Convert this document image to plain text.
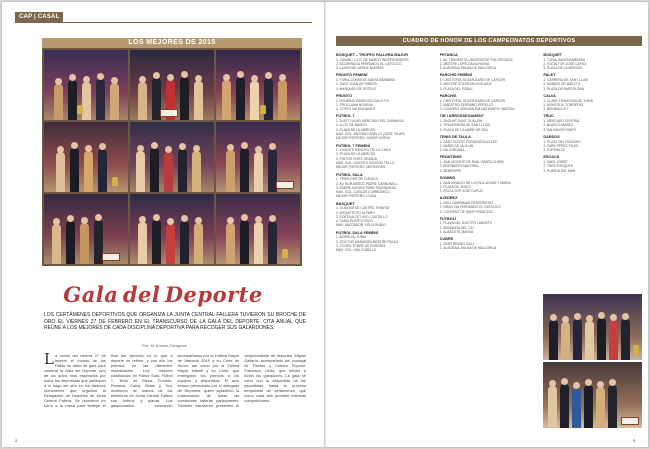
CAP | CASAL
LOS MEJORES DE 2015
Gala del Deporte
LOS CERTÁMENES DEPORTIVOS QUE ORGANIZA LA JUNTA CENTRAL FALLERA TUVIERON SU BROCHE DE ORO EL VIERNES 27 DE FEBRERO EN EL TRANSCURSO DE LA GALA DEL DEPORTE. CITA ANUAL QUE REÚNE A LOS MEJORES DE CADA DISCIPLINA DEPORTIVA PARA RECOGER SUS GALARDONES.
Por: M. Andrés Zaragoza
La noche del viernes 27 de febrero el mundo de las Fallas se vistió de gala para celebrar la Gala del Deporte, uno de los actos más esperados por todos los deportistas que participan a lo largo del año en los distintos certámenes que organiza la Delegación de Deportes de Junta Central Fallera. Se reunieron en torno a la mesa para festejar el final del ejercicio en lo que a deporte se refiere, y con ello los premios en las diferentes modalidades. Los mejores clasificados en Fútbol Sala, Fútbol 7, Tenis de Mesa, Frontón, Petanca, Calva, Birlas y Truc recibieron de manos de los miembros de Junta Central Fallera sus trofeos y placas. Los galardonados estuvieron acompañados por la Fallera Mayor de Valencia 2015 y su Corte de Honor, así como por la Fallera Mayor Infantil y su Corte, que entregaron los premios a los equipos y deportistas. El acto estuvo presentado por el delegado de Deportes, quien agradeció la colaboración de todas las comisiones falleras participantes. También estuvieron presentes el vicepresidente de deportes, Miguel Gallarín, acompañado del concejal de Fiestas y Cultura Popular, Francisco Lledó, que felicitó a todos los ganadores. La gala se cerró con la despedida de los deportistas hasta la próxima temporada de certámenes, que como cada año promete intensas competiciones.
2
CUADRO DE HONOR DE LOS CAMPEONATOS DEPORTIVOS
BOSQUET – TROFEO FALLERA MAJOR
1. CAMINO LLOC DE MARCO INDEPENDIENTE
2. AZCÁRRAGA FERRANDO EL CATÓLICO
3. LA BOGUE-VERDE BORRÁS
FRONTÓ FEMENÍ
1. TURIA-CONVENT-SANTA BÀRBARA
2. SANT JOAN DE RIBERA
3. MARQUÉS DE SOTELO
FRONTÓ
1. GENERAL BARROSO-CALIXT III
2. PROCLAMA NOVENA
3. CORTS VALENCIANES
FÚTBOL 7
1. JUSTO VILAR-MERCADO DEL CABANYAL
2. LLOC DE MARCÓ
3. PLAZA DE LA MERCED
MAX. GOL: ANTONIO ARELLO (JUST. VILAR)
MEJOR PORTERO: JAVIER JORDÁ
FÚTBOL 7 FEMENÍ
1. VICENTE SANCHO TELLO-CHILE
2. PLAZA DE LA MERCED
3. PINTOR VIVES GRANJA
MAX. GOL: VICENTE SANCHO TELLO
MEJOR PORTERO: MERCEDES
FÚTBOL SALA
1. TIRES-PINTOR CUENCA
2. AV. BURJASSOT-PADRE CARBONELL
3. PADRE ALEGRE-PARE FRANQUESA
MAX. GOL: CARLOS (CARBONELL)
MEJOR PORTERO: LUCÍA
BÀSQUET
1. GUILLEM DE CASTRO-TRINITAT
2. ARQUITECTO ALFARO
3. POETA ALTET-AVD. CASTELLÓ
4. CUBA-PUERTO RICO
MAX. ANOTADOR: FÉLIX RUBIO
FÚTBOL SALA FEMENÍ
1. BORRULL-TURIA
2. DOCTOR MARAÑÓN-MESTRE PALAU
3. COVES-TORRE DE RUSSAFA
MAX. GOL: ANA CUBELLS
PETANCA
1. AV. TRANSSITS-UNIVERSITAT POLITÈCNICA
2. MESTRE LOPE-CAIXA RURAL
3. ALBORAIA-PALMA DE MALLORCA
PARCHÍS FEMENÍ
1. CRISTÒFOL SOLER-BARÓ DE CÀRCER
2. MESTRE SOLER-MOLINO BAIX
3. PLAZA DEL POBLE
PARCHÍS
1. CRISTÒFOL SOLER-BARÓ DE CÀRCER
2. MAESTRO SERRANO-PERELLÓ
3. CONVENT JERUSALEM-MATEMÀTIC MARZAL
TIR I ARROSSEGAMENT
1. SAGUNT-SANT GUILLEM
2. TRAVESSERA DE SANT LLUÍS
3. PLAÇA DE LA MARE DE DÉU
TENIS DE TAULA
1. SANT VICENT-PERIODISTA AZZATI
2. BARRI DE LA LLUM
3. NA JORDANA
FRONTENIS
1. SAN VICENTE DE PAÚL-SANTA CLARA
2. ARZOBISPO MAYORAL
3. BENIFERRI
DOMINÓ
1. SAN IGNACIO DE LOYOLA-JESÚS Y MARÍA
2. PLAZA DE JESÚS
3. ESCULTOR JOSÉ CAPUZ
AJEDREZ
1. NOU CAMPANAR-FRATERNITAT
2. GRAN VIA FERNANDO EL CATÓLICO
3. CONVENT DE SANT FRANCESC
FUTBOLÍ
1. PLAZA DEL DOCTOR LANDETE
2. AVINGUDA DEL CID
3. ALBACETE-MARVÀ
CUBRE
1. SANT BRUNO-GALL
2. ALBORAIA-PALMA DE MALLORCA
BOSQUET
1. TURIA-SANTA BÀRBARA
2. ESCULTOR JOSÉ CAPUZ
3. PLAZA DE LA MERCED
PALET
1. CARRERA DE SANT LLUÍS
2. RAMIRO DE MAEZTU
3. PLAZA DE BARCELONA
CALVA
1. CLAVÉ-TRAVESSIA DE TUNIS
2. MONTOLIU-TORREFIEL
3. BENIMACLET
TRUC
1. MERCADO CENTRAL
2. BLASCO IBÁÑEZ
3. SALVADOR GINER
DARDOS
1. PLAZA DEL ROSARIO
2. PARE PÉREZ PUJOL
3. EXPOSICIÓ
ESCACS
1. SANT JOSEP
2. TRES FORQUES
3. PUERTA DEL MAR
3
